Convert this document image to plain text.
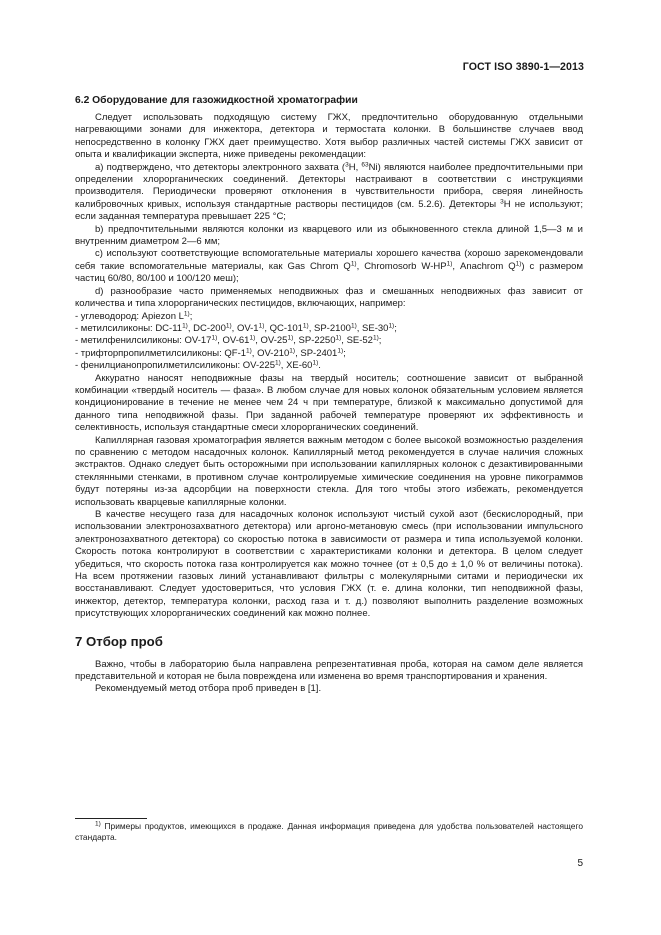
ГОСТ ISO 3890-1—2013
6.2 Оборудование для газожидкостной хроматографии

Следует использовать подходящую систему ГЖХ, предпочтительно оборудованную отдельными нагревающими зонами для инжектора, детектора и термостата колонки. В большинстве случаев ввод непосредственно в колонку ГЖХ дает преимущество. Хотя выбор различных частей системы ГЖХ зависит от опыта и квалификации эксперта, ниже приведены рекомендации:

а) подтверждено, что детекторы электронного захвата ($^3$H, $^{63}$Ni) являются наиболее предпочтительными при определении хлорорганических соединений. Детекторы настраивают в соответствии с инструкциями производителя. Периодически проверяют отклонения в чувствительности прибора, сверяя линейность калибровочных кривых, используя стандартные растворы пестицидов (см. 5.2.6). Детекторы $^3$H не используют; если заданная температура превышает 225 °C;

b) предпочтительными являются колонки из кварцевого или из обыкновенного стекла длиной 1,5—3 м и внутренним диаметром 2—6 мм;

c) используют соответствующие вспомогательные материалы хорошего качества (хорошо зарекомендовали себя такие вспомогательные материалы, как Gas Chrom $Q^{1)}$, Chromosorb W-HP$^{1)}$, Anachrom $Q^{1)}$) с размером частиц 60/80, 80/100 и 100/120 меш);

d) разнообразие часто применяемых неподвижных фаз и смешанных неподвижных фаз зависит от количества и типа хлорорганических пестицидов, включающих, например:

- углеводород: Apiezon $L^{1)}$;

- метилсиликоны: DC-11$^{1)}$, DC-200$^{1)}$, OV-1$^{1)}$, QC-101$^{1)}$, SP-2100$^{1)}$, SE-30$^{1)}$;

- метилфенилсиликоны: OV-17$^{1)}$, OV-61$^{1)}$, OV-25$^{1)}$, SP-2250$^{1)}$, SE-52$^{1)}$;

- трифторпропилметилсиликоны: QF-1$^{1)}$, OV-210$^{1)}$, SP-2401$^{1)}$;

- фенилцианопропилметилсиликоны: OV-225$^{1)}$, XE-60$^{1)}$.

Аккуратно наносят неподвижные фазы на твердый носитель; соотношение зависит от выбранной комбинации «твердый носитель — фаза». В любом случае для новых колонок обязательным условием является кондиционирование в течение не менее чем 24 ч при температуре, близкой к максимально допустимой для данного типа неподвижной фазы. При заданной рабочей температуре проверяют их эффективность и селективность, используя стандартные смеси хлорорганических соединений.

Капиллярная газовая хроматография является важным методом с более высокой возможностью разделения по сравнению с методом насадочных колонок. Капиллярный метод рекомендуется в случае наличия сложных экстрактов. Однако следует быть осторожными при использовании капиллярных колонок с дезактивированными стеклянными стенками, в противном случае контролируемые химические соединения на уровне пикограммов будут потеряны из-за адсорбции на поверхности стекла. Для того чтобы этого избежать, рекомендуется использовать кварцевые капиллярные колонки.

В качестве несущего газа для насадочных колонок используют чистый сухой азот (бескислородный, при использовании электронозахватного детектора) или аргоно-метановую смесь (при использовании импульсного электронозахватного детектора) со скоростью потока в зависимости от размера и типа используемой колонки. Скорость потока контролируют в соответствии с характеристиками колонки и детектора. В целом следует убедиться, что скорость потока газа контролируется как можно точнее (от ± 0,5 до ± 1,0 % от величины потока). На всем протяжении газовых линий устанавливают фильтры с молекулярными ситами и периодически их восстанавливают. Следует удостовериться, что условия ГЖХ (т. е. длина колонки, тип неподвижной фазы, инжектор, детектор, температура колонки, расход газа и т. д.) позволяют выполнить разделение возможных присутствующих хлорорганических соединений как можно полнее.

7 Отбор проб

Важно, чтобы в лабораторию была направлена репрезентативная проба, которая на самом деле является представительной и которая не была повреждена или изменена во время транспортирования и хранения.

Рекомендуемый метод отбора проб приведен в [1].

$^{1)}$ Примеры продуктов, имеющихся в продаже. Данная информация приведена для удобства пользователей настоящего стандарта.
5
